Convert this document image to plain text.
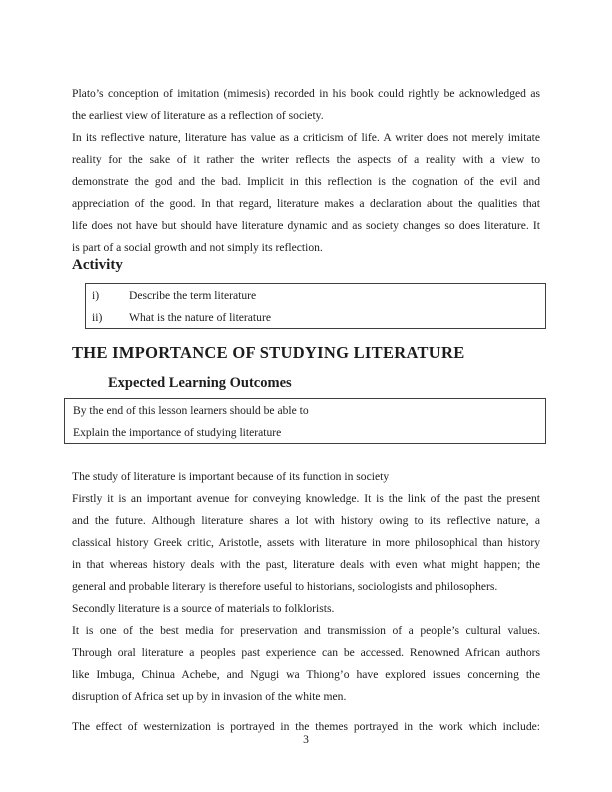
Plato’s conception of imitation (mimesis) recorded in his book could rightly be acknowledged as
the earliest view of literature as a reflection of society.
In its reflective nature, literature has value as a criticism of life. A writer does not merely imitate
reality for the sake of it rather the writer reflects the aspects of a reality with a view to
demonstrate the god and the bad. Implicit in this reflection is the cognation of the evil and
appreciation of the good. In that regard, literature makes a declaration about the qualities that
life does not have but should have literature dynamic and as society changes so does literature. It
is part of a social growth and not simply its reflection.
Activity
i)	Describe the term literature
ii)	What is the nature of literature
THE IMPORTANCE OF STUDYING LITERATURE
Expected Learning Outcomes
By the end of this lesson learners should be able to
Explain the importance of studying literature
The study of literature is important because of its function in society
Firstly it is an important avenue for conveying knowledge. It is the link of the past the present
and the future. Although literature shares a lot with history owing to its reflective nature, a
classical history Greek critic, Aristotle, assets with literature in more philosophical than history
in that whereas history deals with the past, literature deals with even what might happen; the
general and probable literary is therefore useful to historians, sociologists and philosophers.
Secondly literature is a source of materials to folklorists.
It is one of the best media for preservation and transmission of a people’s cultural values.
Through oral literature a peoples past experience can be accessed. Renowned African authors
like Imbuga, Chinua Achebe, and Ngugi wa Thiong’o have explored issues concerning the
disruption of Africa set up by in invasion of the white men.
The effect of westernization is portrayed in the themes portrayed in the work which include:
3
